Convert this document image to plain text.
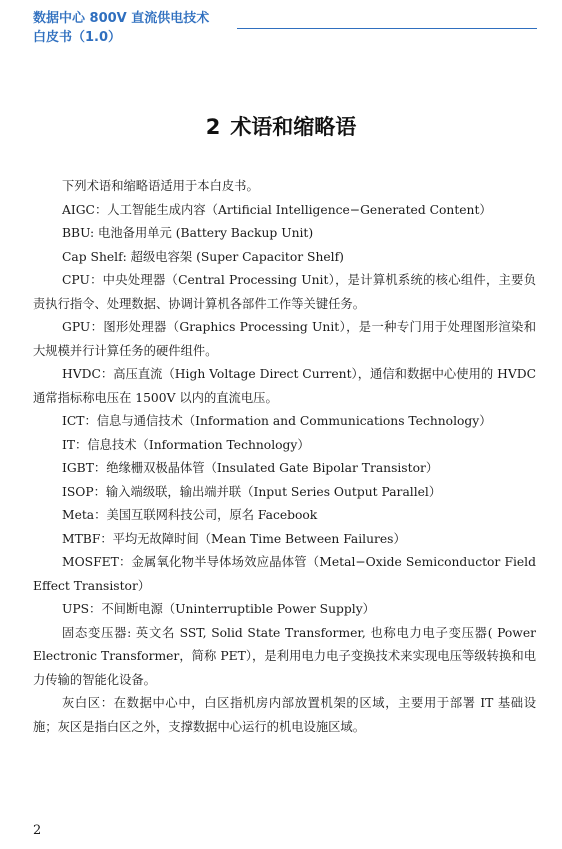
数据中心 800V 直流供电技术
白皮书（1.0）
2 术语和缩略语

下列术语和缩略语适用于本白皮书。

AIGC：人工智能生成内容（Artificial Intelligence−Generated Content）

BBU: 电池备用单元 (Battery Backup Unit)

Cap Shelf: 超级电容架 (Super Capacitor Shelf)

CPU：中央处理器（Central Processing Unit），是计算机系统的核心组件，主要负责执行指令、处理数据、协调计算机各部件工作等关键任务。

GPU：图形处理器（Graphics Processing Unit），是一种专门用于处理图形渲染和大规模并行计算任务的硬件组件。

HVDC：高压直流（High Voltage Direct Current），通信和数据中心使用的 HVDC 通常指标称电压在 1500V 以内的直流电压。

ICT：信息与通信技术（Information and Communications Technology）

IT：信息技术（Information Technology）

IGBT：绝缘栅双极晶体管（Insulated Gate Bipolar Transistor）

ISOP：输入端级联，输出端并联（Input Series Output Parallel）

Meta：美国互联网科技公司，原名 Facebook

MTBF：平均无故障时间（Mean Time Between Failures）

MOSFET：金属氧化物半导体场效应晶体管（Metal−Oxide Semiconductor Field Effect Transistor）

UPS：不间断电源（Uninterruptible Power Supply）

固态变压器: 英文名 SST, Solid State Transformer, 也称电力电子变压器( Power Electronic Transformer，简称 PET），是利用电力电子变换技术来实现电压等级转换和电力传输的智能化设备。

灰白区：在数据中心中，白区指机房内部放置机架的区域，主要用于部署 IT 基础设施；灰区是指白区之外，支撑数据中心运行的机电设施区域。

2
